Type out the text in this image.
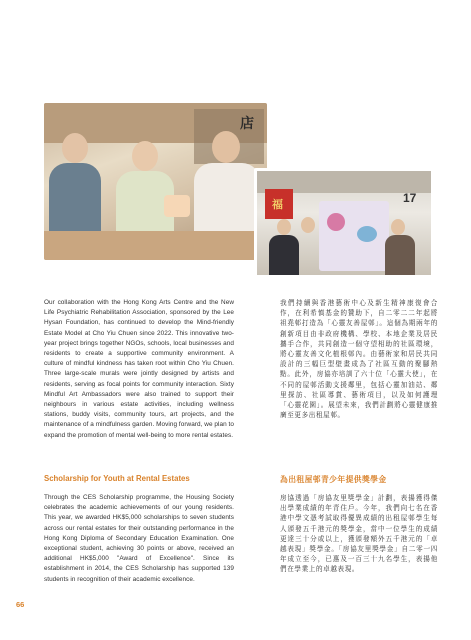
店
福	17

Our collaboration with the Hong Kong Arts Centre and the New Life Psychiatric Rehabilitation Association, sponsored by the Lee Hysan Foundation, has continued to develop the Mind-friendly Estate Model at Cho Yiu Chuen since 2022. This innovative two-year project brings together NGOs, schools, local businesses and residents to create a supportive community environment. A culture of mindful kindness has taken root within Cho Yiu Chuen. Three large-scale murals were jointly designed by artists and residents, serving as focal points for community interaction. Sixty Mindful Art Ambassadors were also trained to support their neighbours in various estate activities, including wellness stations, buddy visits, community tours, art projects, and the maintenance of a mindfulness garden. Moving forward, we plan to expand the promotion of mental well-being to more rental estates.

Scholarship for Youth at Rental Estates

Through the CES Scholarship programme, the Housing Society celebrates the academic achievements of our young residents. This year, we awarded HK$5,000 scholarships to seven students across our rental estates for their outstanding performance in the Hong Kong Diploma of Secondary Education Examination. One exceptional student, achieving 30 points or above, received an additional HK$5,000 "Award of Excellence". Since its establishment in 2014, the CES Scholarship has supported 139 students in recognition of their academic excellence.

我們持續與香港藝術中心及新生精神康復會合作，在利希慎基金的贊助下，自二零二二年起將祖堯邨打造為「心靈友善屋邨」。這個為期兩年的創新項目由非政府機構、學校、本地企業及居民攜手合作，共同創造一個守望相助的社區環境，將心靈友善文化植根邨內。由藝術家和居民共同設計的三幅巨型壁畫成為了社區互動的聚腳熱點。此外，房協亦培訓了六十位「心靈大使」，在不同的屋邨活動支援鄰里，包括心靈加油站、鄰里探訪、社區導賞、藝術項目，以及如何護理「心靈花園」。展望未來，我們計劃將心靈健康推廣至更多出租屋邨。

為出租屋邨青少年提供獎學金

房協透過「房協友里獎學金」計劃，表揚獲得傑出學業成績的年青住戶。今年，我們向七名在香港中學文憑考試取得優異成績的出租屋邨學生每人頒發五千港元的獎學金，當中一位學生的成績更達三十分或以上，獲頒發額外五千港元的「卓越表現」獎學金。「房協友里獎學金」自二零一四年成立至今，已惠及一百三十九名學生，表揚他們在學業上的卓越表現。

66
